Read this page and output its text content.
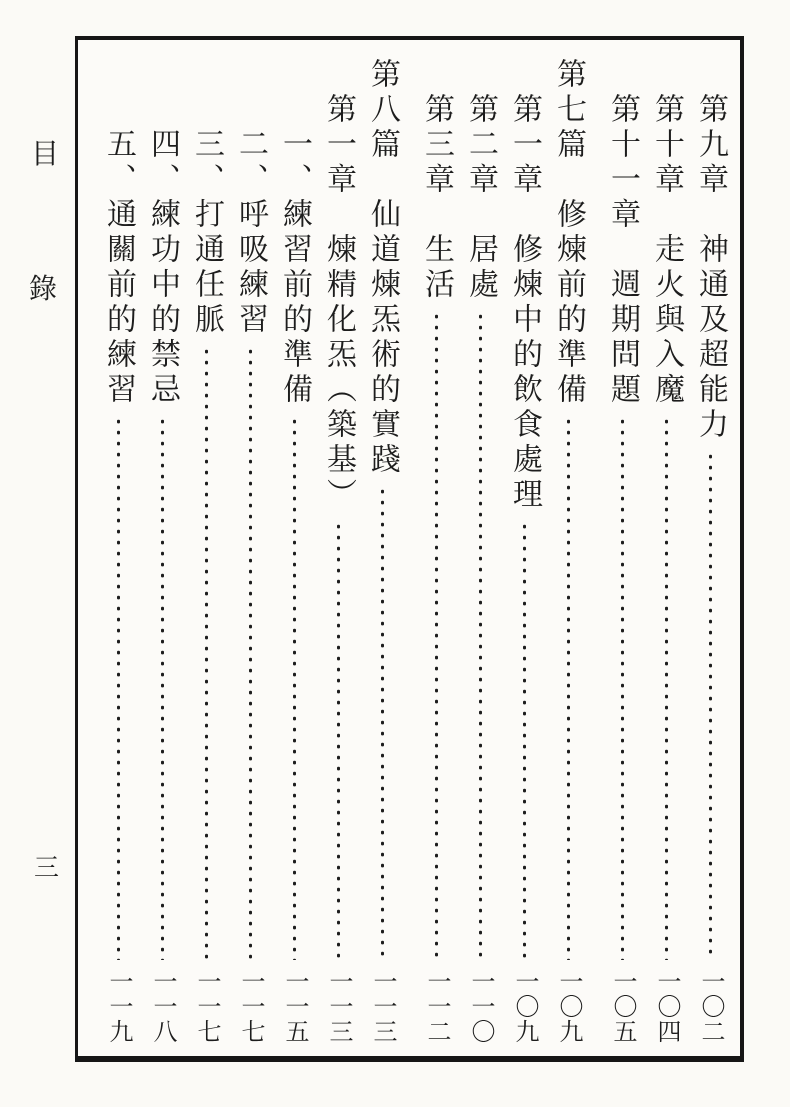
目
錄
三
第九章　神通及超能力
一〇二
第十章　走火與入魔
一〇四
第十一章　週期問題
一〇五
第七篇　修煉前的準備
一〇九
第一章　修煉中的飲食處理
一〇九
第二章　居處
一一〇
第三章　生活
一一二
第八篇　仙道煉炁術的實踐
一一三
第一章　煉精化炁（築基）
一一三
一、練習前的準備
一一五
二、呼吸練習
一一七
三、打通任脈
一一七
四、練功中的禁忌
一一八
五、通關前的練習
一一九
